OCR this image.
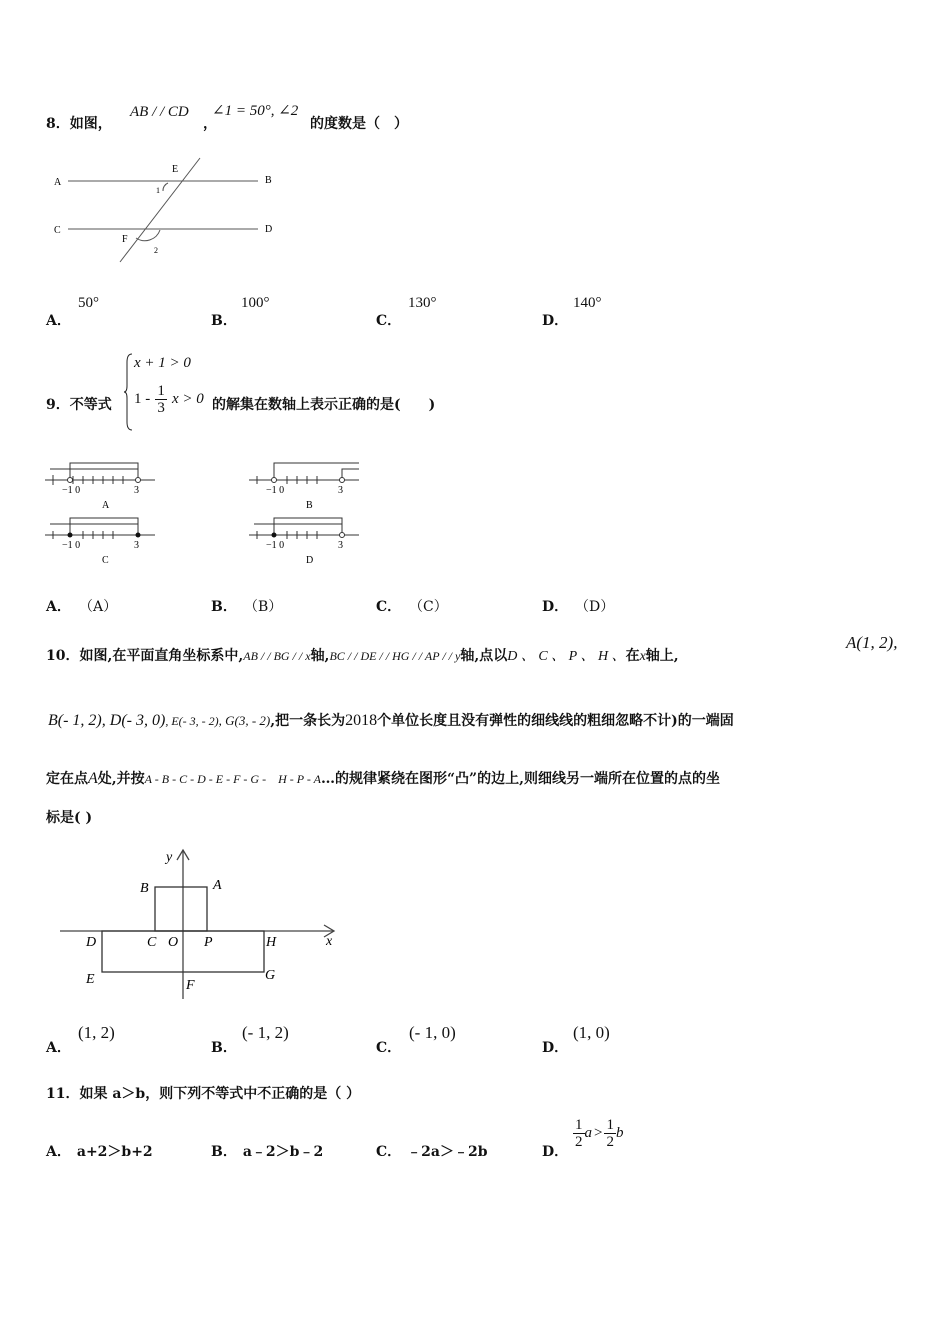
8．如图，
AB / / CD
，
∠1 = 50°, ∠2
的度数是（　）
A	B
C	D
E
F
1
2
A．
50°
B．
100°
C．
130°
D．
140°
9．不等式
x + 1 > 0
$1 - \frac{1}{3}$ x > 0 的解集在数轴上表示正确的是(　　)
−1 0	3
A
−1 0	3
B
−1 0	3
C
−1 0	3
D
A． （A）	B． （B）	C． （C）	D． （D）
10．如图,在平面直角坐标系中,AB / / BG / / x轴,BC / / DE / / HG / / AP / / y轴,点以D 、 C 、 P 、 H 、在x轴上,
A(1, 2),
B(- 1, 2), D(- 3, 0), E(- 3, - 2), G(3, - 2),把一条长为2018个单位长度且没有弹性的细线线的粗细忽略不计)的一端固
定在点A处,并按A - B - C - D - E - F - G -　H - P - A…的规律紧绕在图形“凸”的边上,则细线另一端所在位置的点的坐
标是( )
y
x
A
B
C O P
D	H
E	F
G
A．
(1, 2)
B．
(- 1, 2)
C．
(- 1, 0)
D．
(1, 0)
11．如果 a＞b，则下列不等式中不正确的是（ ）
A． a+2＞b+2	B． a﹣2＞b﹣2	C． ﹣2a＞﹣2b	D．
$\frac{1}{2}$ $a > \frac{1}{2}$ b
